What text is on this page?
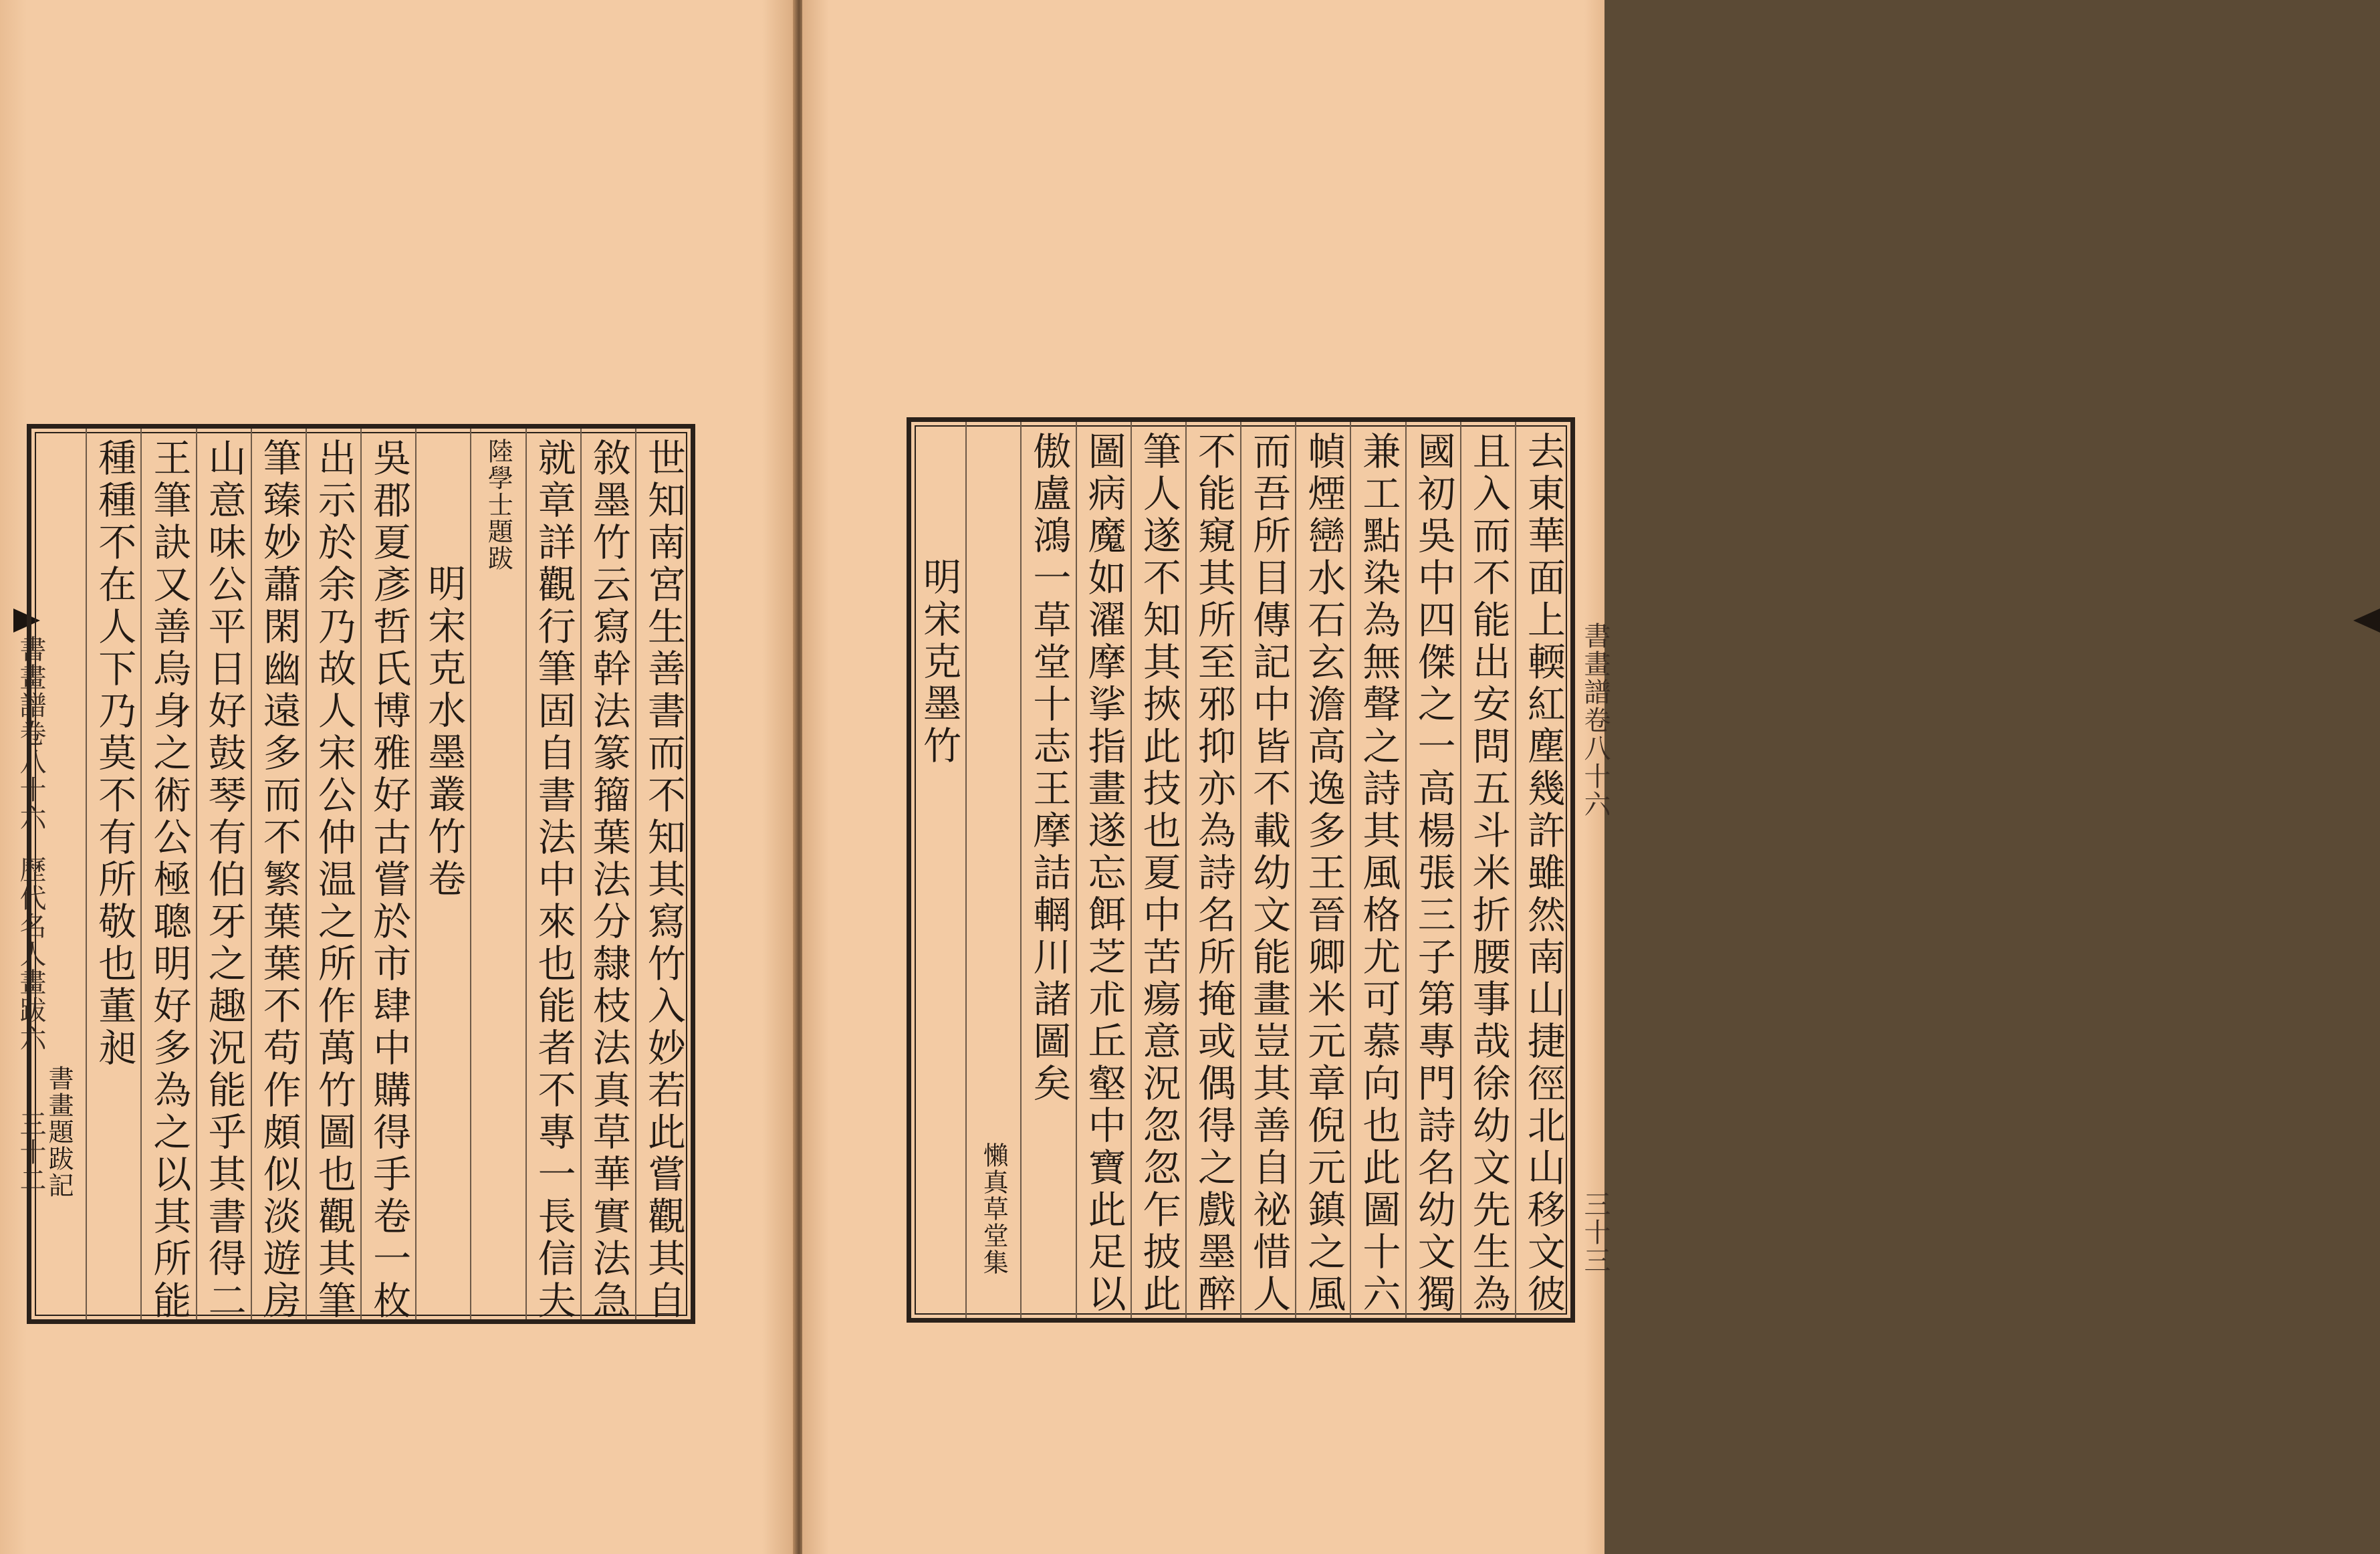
書畫譜卷八十六
歷代名人畫跋六
三十二	世知南宮生善書而不知其寫竹入妙若此嘗觀其自
敘墨竹云寫幹法篆籀葉法分隸枝法真草華實法急
就章詳觀行筆固自書法中來也能者不專一長信夫
陸學士題跋
明宋克水墨叢竹卷
吳郡夏彥哲氏博雅好古嘗於市肆中購得手卷一枚
出示於余乃故人宋公仲温之所作萬竹圖也觀其筆
筆臻妙蕭閑幽遠多而不繁葉葉不苟作頗似淡遊房
山意味公平日好鼓琴有伯牙之趣況能乎其書得二
王筆訣又善烏身之術公極聰明好多為之以其所能
種種不在人下乃莫不有所敬也董昶
書畫題跋記
書畫譜卷八十六
三十三
去東華面上輭紅塵幾許雖然南山捷徑北山移文彼
且入而不能出安問五斗米折腰事哉徐幼文先生為
國初吳中四傑之一高楊張三子第專門詩名幼文獨
兼工點染為無聲之詩其風格尤可慕向也此圖十六
幀煙巒水石玄澹高逸多王晉卿米元章倪元鎮之風
而吾所目傳記中皆不載幼文能畫豈其善自祕惜人
不能窺其所至邪抑亦為詩名所掩或偶得之戲墨醉
筆人遂不知其挾此技也夏中苦瘍意況忽忽乍披此
圖病魔如濯摩挲指畫遂忘餌芝朮丘壑中寶此足以
傲盧鴻一草堂十志王摩詰輞川諸圖矣
懶真草堂集
明宋克墨竹
